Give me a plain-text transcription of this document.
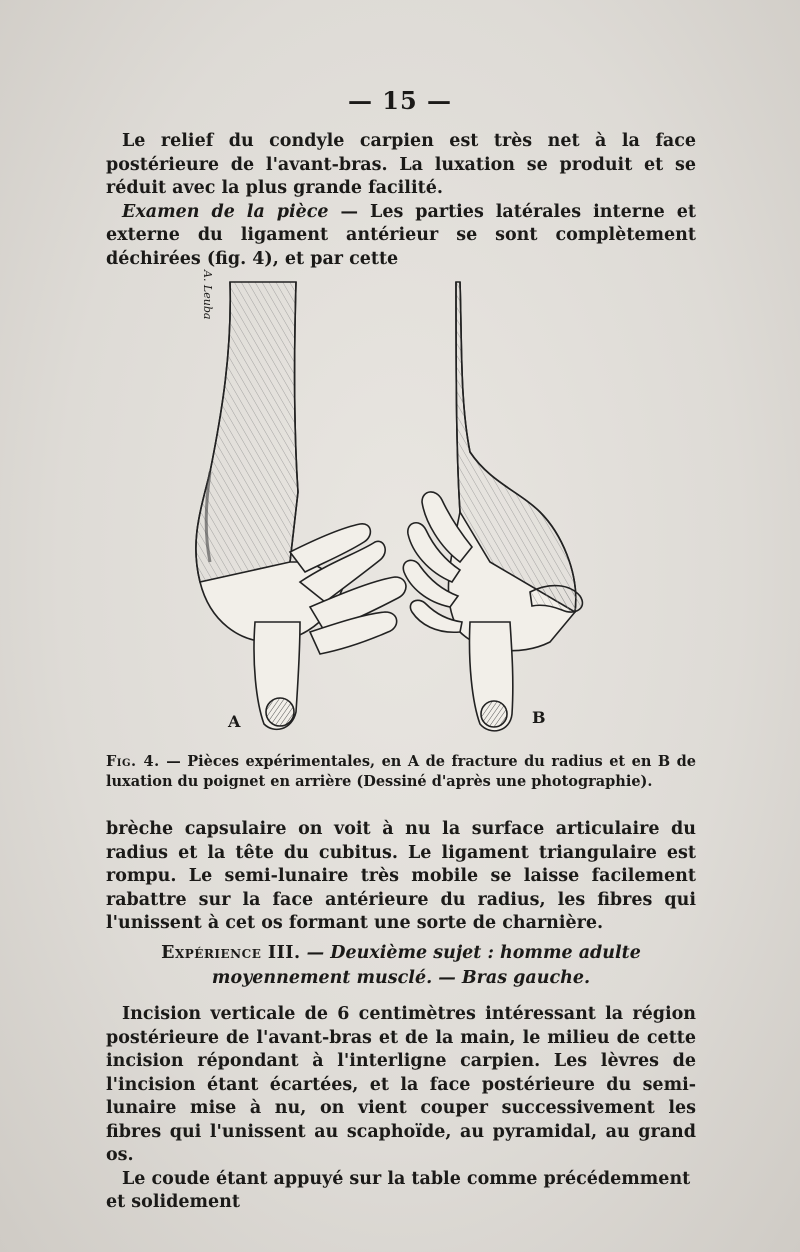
— 15 —

Le relief du condyle carpien est très net à la face postérieure de l'avant-bras. La luxation se produit et se réduit avec la plus grande facilité.

Examen de la pièce — Les parties latérales interne et externe du ligament antérieur se sont complètement déchirées (fig. 4), et par cette

A	B
A. Leuba
Fig. 4. — Pièces expérimentales, en A de fracture du radius et en B de luxation du poignet en arrière (Dessiné d'après une photographie).

brèche capsulaire on voit à nu la surface articulaire du radius et la tête du cubitus. Le ligament triangulaire est rompu. Le semi-lunaire très mobile se laisse facilement rabattre sur la face antérieure du radius, les fibres qui l'unissent à cet os formant une sorte de charnière.

Expérience III. — Deuxième sujet : homme adulte
moyennement musclé. — Bras gauche.

Incision verticale de 6 centimètres intéressant la région postérieure de l'avant-bras et de la main, le milieu de cette incision répondant à l'interligne carpien. Les lèvres de l'incision étant écartées, et la face postérieure du semi-lunaire mise à nu, on vient couper successivement les fibres qui l'unissent au scaphoïde, au pyramidal, au grand os.

Le coude étant appuyé sur la table comme précédemment et solidement
